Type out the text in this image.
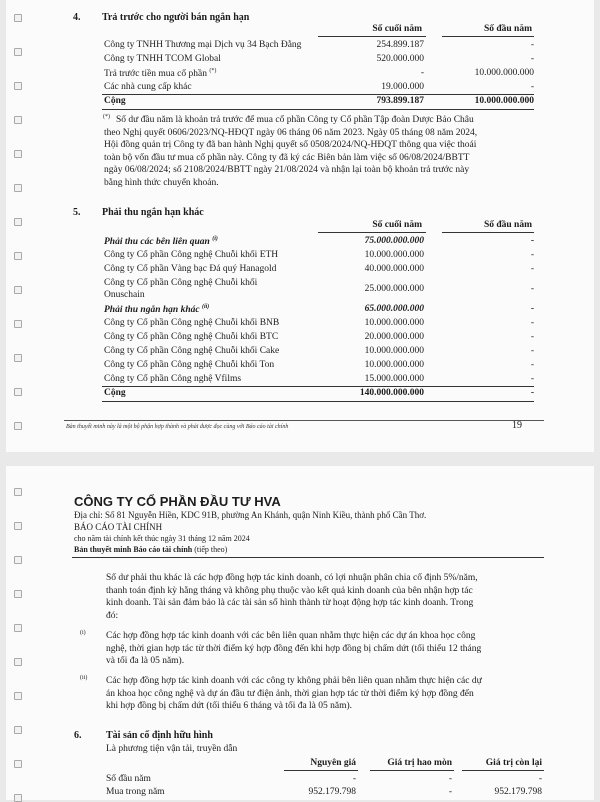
4. Trả trước cho người bán ngắn hạn
Số cuối năm	Số đầu năm
Công ty TNHH Thương mại Dịch vụ 34 Bạch Đằng	254.899.187	-
Công ty TNHH TCOM Global	520.000.000	-
Trả trước tiền mua cổ phần (*)	-	10.000.000.000
Các nhà cung cấp khác	19.000.000	-
Cộng	793.899.187	10.000.000.000
(*) Số dư đầu năm là khoản trả trước để mua cổ phần Công ty Cổ phần Tập đoàn Dược Bảo Châu
theo Nghị quyết 0606/2023/NQ-HĐQT ngày 06 tháng 06 năm 2023. Ngày 05 tháng 08 năm 2024,
Hội đồng quản trị Công ty đã ban hành Nghị quyết số 0508/2024/NQ-HĐQT thông qua việc thoái
toàn bộ vốn đầu tư mua cổ phần này. Công ty đã ký các Biên bản làm việc số 06/08/2024/BBTT
ngày 06/08/2024; số 2108/2024/BBTT ngày 21/08/2024 và nhận lại toàn bộ khoản trả trước này
bằng hình thức chuyển khoản.
5. Phải thu ngắn hạn khác
Số cuối năm	Số đầu năm
Phải thu các bên liên quan $^{(i)}$	75.000.000.000	-
Công ty Cổ phần Công nghệ Chuỗi khối ETH	10.000.000.000	-
Công ty Cổ phần Vàng bạc Đá quý Hanagold	40.000.000.000	-
Công ty Cổ phần Công nghệ Chuỗi khối
Onuschain
25.000.000.000	-
Phải thu ngắn hạn khác $^{(ii)}$	65.000.000.000	-
Công ty Cổ phần Công nghệ Chuỗi khối BNB	10.000.000.000	-
Công ty Cổ phần Công nghệ Chuỗi khối BTC	20.000.000.000	-
Công ty Cổ phần Công nghệ Chuỗi khối Cake	10.000.000.000	-
Công ty Cổ phần Công nghệ Chuỗi khối Ton	10.000.000.000	-
Công ty Cổ phần Công nghệ Vfilms	15.000.000.000	-
Cộng	140.000.000.000	-
Bản thuyết minh này là một bộ phận hợp thành và phải được đọc cùng với Báo cáo tài chính	19
CÔNG TY CỔ PHẦN ĐẦU TƯ HVA
Địa chỉ: Số 81 Nguyễn Hiền, KDC 91B, phường An Khánh, quận Ninh Kiều, thành phố Cần Thơ.
BÁO CÁO TÀI CHÍNH
cho năm tài chính kết thúc ngày 31 tháng 12 năm 2024
Bản thuyết minh Báo cáo tài chính (tiếp theo)
Số dư phải thu khác là các hợp đồng hợp tác kinh doanh, có lợi nhuận phân chia cố định 5%/năm,
thanh toán định kỳ hằng tháng và không phụ thuộc vào kết quả kinh doanh của bên nhận hợp tác
kinh doanh. Tài sản đảm bảo là các tài sản số hình thành từ hoạt động hợp tác kinh doanh. Trong
đó:
(i) Các hợp đồng hợp tác kinh doanh với các bên liên quan nhằm thực hiện các dự án khoa học công
nghệ, thời gian hợp tác từ thời điểm ký hợp đồng đến khi hợp đồng bị chấm dứt (tối thiểu 12 tháng
và tối đa là 05 năm).
(ii) Các hợp đồng hợp tác kinh doanh với các công ty không phải bên liên quan nhằm thực hiện các dự
án khoa học công nghệ và dự án đầu tư điện ảnh, thời gian hợp tác từ thời điểm ký hợp đồng đến
khi hợp đồng bị chấm dứt (tối thiểu 6 tháng và tối đa là 05 năm).
6. Tài sản cố định hữu hình
Là phương tiện vận tải, truyền dẫn
Nguyên giá	Giá trị hao mòn	Giá trị còn lại
Số đầu năm	-	-	-
Mua trong năm	952.179.798	-	952.179.798
